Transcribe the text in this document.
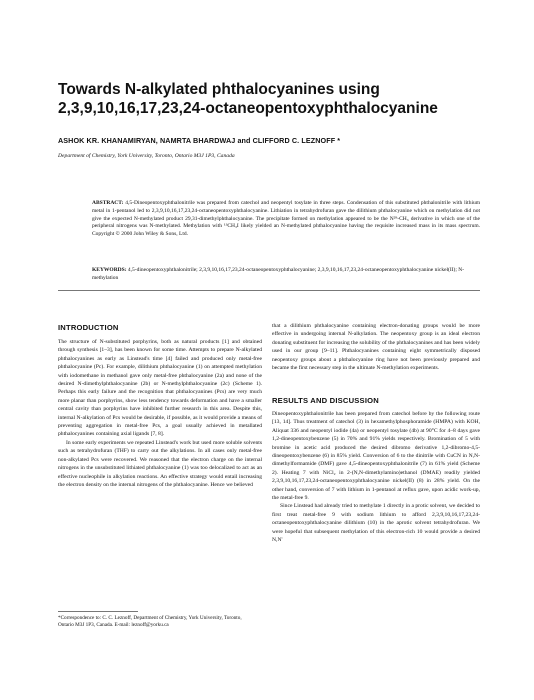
Towards N-alkylated phthalocyanines using 2,3,9,10,16,17,23,24-octaneopentoxyphthalocyanine
ASHOK KR. KHANAMIRYAN, NAMRTA BHARDWAJ and CLIFFORD C. LEZNOFF *
Department of Chemistry, York University, Toronto, Ontario M3J 1P3, Canada

ABSTRACT: 4,5-Dineopentoxyphthalonitrile was prepared from catechol and neopentyl tosylate in three steps. Condensation of this substituted phthalonitrile with lithium metal in 1-pentanol led to 2,3,9,10,16,17,23,24-octaneopentoxyphthalocyanine. Lithiation in tetrahydrofuran gave the dilithium phthalocyanine which on methylation did not give the expected N-methylated product 29,31-dimethylphthalocyanine. The precipitate formed on methylation appeared to be the N²⁹-CH₃ derivative in which one of the peripheral nitrogens was N-methylated. Methylation with ¹³CH₃I likely yielded an N-methylated phthalocyanine having the requisite increased mass in its mass spectrum. Copyright © 2000 John Wiley & Sons, Ltd.

KEYWORDS: 4,5-dineopentoxyphthalonitrile; 2,3,9,10,16,17,23,24-octaneopentoxyphthalocyanine; 2,3,9,10,16,17,23,24-octaneopentoxyphthalocyanine nickel(II); N-methylation

INTRODUCTION

The structure of N-substituted porphyrins, both as natural products [1] and obtained through synthesis [1–3], has been known for some time. Attempts to prepare N-alkylated phthalocyanines as early as Linstead's time [4] failed and produced only metal-free phthalocyanine (Pc). For example, dilithium phthalocyanine (1) on attempted methylation with iodomethane in methanol gave only metal-free phthalocyanine (2a) and none of the desired N-dimethylphthalocyanine (2b) or N-methylphthalocyanine (2c) (Scheme 1). Perhaps this early failure and the recognition that phthalocyanines (Pcs) are very much more planar than porphyrins, show less tendency towards deformation and have a smaller central cavity than porphyrins have inhibited further research in this area. Despite this, internal N-alkylation of Pcs would be desirable, if possible, as it would provide a means of preventing aggregation in metal-free Pcs, a goal usually achieved in metallated phthalocyanines containing axial ligands [7, 8].

In some early experiments we repeated Linstead's work but used more soluble solvents such as tetrahydrofuran (THF) to carry out the alkylations. In all cases only metal-free non-alkylated Pcs were recovered. We reasoned that the electron charge on the internal nitrogens in the unsubstituted lithiated phthalocyanine (1) was too delocalized to act as an effective nucleophile in alkylation reactions. An effective strategy would entail increasing the electron density on the internal nitrogens of the phthalocyanine. Hence we believed

*Correspondence to: C. C. Leznoff, Department of Chemistry, York University, Toronto, Ontario M3J 1P3, Canada. E-mail: leznoff@yorku.ca

that a dilithium phthalocyanine containing electron-donating groups would be more effective in undergoing internal N-alkylation. The neopentoxy group is an ideal electron donating substituent for increasing the solubility of the phthalocyanines and has been widely used in our group [9–11]. Phthalocyanines containing eight symmetrically disposed neopentoxy groups about a phthalocyanine ring have not been previously prepared and became the first necessary step in the ultimate N-methylation experiments.

RESULTS AND DISCUSSION

Dineopentoxyphthalonitrile has been prepared from catechol before by the following route [13, 14]. Thus treatment of catechol (3) in hexamethylphosphoramide (HMPA) with KOH, Aliquat 336 and neopentyl iodide (4a) or neopentyl tosylate (4b) at 90°C for 4–8 days gave 1,2-dineopentoxybenzene (5) in 70% and 91% yields respectively. Bromination of 5 with bromine in acetic acid produced the desired dibromo derivative 1,2-dibromo-4,5-dineopentoxybenzene (6) in 85% yield. Conversion of 6 to the dinitrile with CuCN in N,N-dimethylformamide (DMF) gave 4,5-dineopentoxyphthalonitrile (7) in 61% yield (Scheme 2). Heating 7 with NiCl₂ in 2-(N,N-dimethylamino)ethanol (DMAE) readily yielded 2,3,9,10,16,17,23,24-octaneopentoxyphthalocyanine nickel(II) (8) in 28% yield. On the other hand, conversion of 7 with lithium in 1-pentanol at reflux gave, upon acidic work-up, the metal-free 9.

Since Linstead had already tried to methylate 1 directly in a protic solvent, we decided to first treat metal-free 9 with sodium lithium to afford 2,3,9,10,16,17,23,24-octaneopentoxyphthalocyanine dilithium (10) in the aprotic solvent tetrahydrofuran. We were hopeful that subsequent methylation of this electron-rich 10 would provide a desired N,N'
